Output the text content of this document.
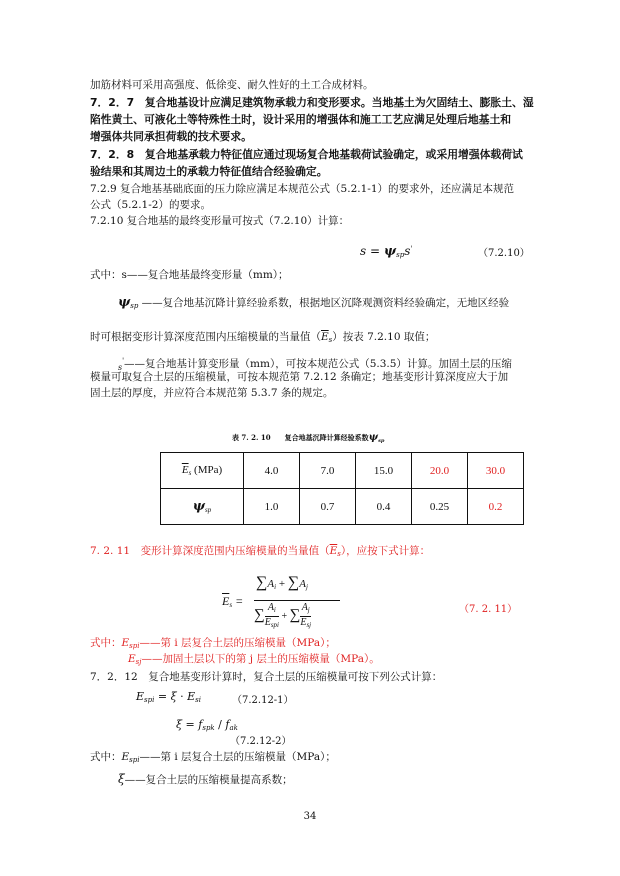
加筋材料可采用高强度、低徐变、耐久性好的土工合成材料。
7．2．7　复合地基设计应满足建筑物承载力和变形要求。当地基土为欠固结土、膨胀土、湿
陷性黄土、可液化土等特殊性土时，设计采用的增强体和施工工艺应满足处理后地基土和
增强体共同承担荷载的技术要求。
7．2．8　复合地基承载力特征值应通过现场复合地基载荷试验确定，或采用增强体载荷试
验结果和其周边土的承载力特征值结合经验确定。
7.2.9 复合地基基础底面的压力除应满足本规范公式（5.2.1-1）的要求外，还应满足本规范
公式（5.2.1-2）的要求。
7.2.10 复合地基的最终变形量可按式（7.2.10）计算：
$s = \psi_{sp}s'$	（7.2.10）
式中：s——复合地基最终变形量（mm）；
$\psi_{sp}$ ——复合地基沉降计算经验系数，根据地区沉降观测资料经验确定，无地区经验
时可根据变形计算深度范围内压缩模量的当量值$(\overline{E}_s)$按表 7.2.10 取值；
$_s$'——复合地基计算变形量（mm），可按本规范公式（5.3.5）计算。加固土层的压缩
模量可取复合土层的压缩模量，可按本规范第 7.2.12 条确定；地基变形计算深度应大于加
固土层的厚度，并应符合本规范第 5.3.7 条的规定。
表 7. 2. 10　　复合地基沉降计算经验系数$\psi_{sp}$
$\overline{E}_s$ (MPa)	4.0	7.0	15.0	20.0	30.0
$\psi_{sp}$	1.0	0.7	0.4	0.25	0.2
7. 2. 11　变形计算深度范围内压缩模量的当量值$(\overline{E}_s)$，应按下式计算：
$\overline{E}_s$ =
$\sum A_i + \sum A_j$
∑ $A_i$
$E_{spi} + \sum A_j$
$E_{sj}$
（7. 2. 11）
式中：$E_{spi}——$第 i 层复合土层的压缩模量（MPa）；
$E_{sj}——$加固土层以下的第 j 层土的压缩模量（MPa）。
7．2．12　复合地基变形计算时，复合土层的压缩模量可按下列公式计算：
$E_{spi} = \xi \cdot E_{si}$	（7.2.12-1）
$\xi = f_{spk} / f_{ak}$
（7.2.12-2）
式中：$E_{spi}——$第 i 层复合土层的压缩模量（MPa）；
ξ——复合土层的压缩模量提高系数；
34
